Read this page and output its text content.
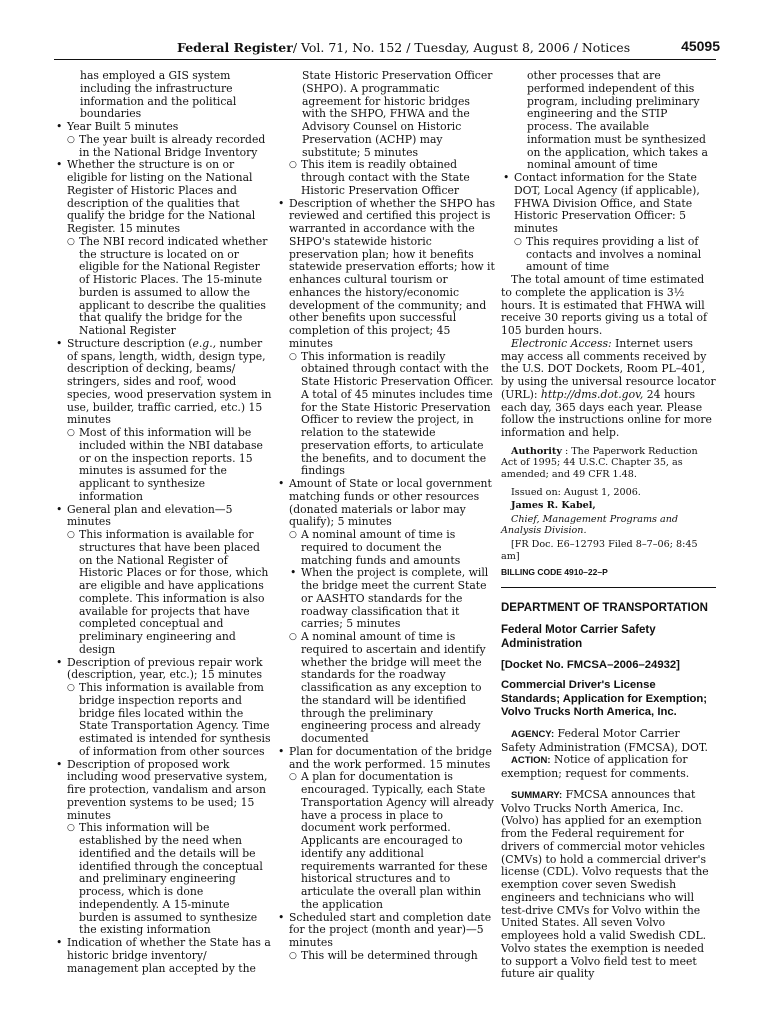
Federal Register/ Vol. 71, No. 152 / Tuesday, August 8, 2006 / Notices	45095
has employed a GIS system including the infrastructure information and the political boundaries
• Year Built 5 minutes
○ The year built is already recorded in the National Bridge Inventory
• Whether the structure is on or eligible for listing on the National Register of Historic Places and description of the qualities that qualify the bridge for the National Register. 15 minutes
○ The NBI record indicated whether the structure is located on or eligible for the National Register of Historic Places. The 15-minute burden is assumed to allow the applicant to describe the qualities that qualify the bridge for the National Register
• Structure description (e.g., number of spans, length, width, design type, description of decking, beams/ stringers, sides and roof, wood species, wood preservation system in use, builder, traffic carried, etc.) 15 minutes
○ Most of this information will be included within the NBI database or on the inspection reports. 15 minutes is assumed for the applicant to synthesize information
• General plan and elevation—5 minutes
○ This information is available for structures that have been placed on the National Register of Historic Places or for those, which are eligible and have applications complete. This information is also available for projects that have completed conceptual and preliminary engineering and design
• Description of previous repair work (description, year, etc.); 15 minutes
○ This information is available from bridge inspection reports and bridge files located within the State Transportation Agency. Time estimated is intended for synthesis of information from other sources
• Description of proposed work including wood preservative system, fire protection, vandalism and arson prevention systems to be used; 15 minutes
○ This information will be established by the need when identified and the details will be identified through the conceptual and preliminary engineering process, which is done independently. A 15-minute burden is assumed to synthesize the existing information
• Indication of whether the State has a historic bridge inventory/ management plan accepted by the
State Historic Preservation Officer (SHPO). A programmatic agreement for historic bridges with the SHPO, FHWA and the Advisory Counsel on Historic Preservation (ACHP) may substitute; 5 minutes
○ This item is readily obtained through contact with the State Historic Preservation Officer
• Description of whether the SHPO has reviewed and certified this project is warranted in accordance with the SHPO's statewide historic preservation plan; how it benefits statewide preservation efforts; how it enhances cultural tourism or enhances the history/economic development of the community; and other benefits upon successful completion of this project; 45 minutes
○ This information is readily obtained through contact with the State Historic Preservation Officer. A total of 45 minutes includes time for the State Historic Preservation Officer to review the project, in relation to the statewide preservation efforts, to articulate the benefits, and to document the findings
• Amount of State or local government matching funds or other resources (donated materials or labor may qualify); 5 minutes
○ A nominal amount of time is required to document the matching funds and amounts
• When the project is complete, will the bridge meet the current State or AASHTO standards for the roadway classification that it carries; 5 minutes
○ A nominal amount of time is required to ascertain and identify whether the bridge will meet the standards for the roadway classification as any exception to the standard will be identified through the preliminary engineering process and already documented
• Plan for documentation of the bridge and the work performed. 15 minutes
○ A plan for documentation is encouraged. Typically, each State Transportation Agency will already have a process in place to document work performed. Applicants are encouraged to identify any additional requirements warranted for these historical structures and to articulate the overall plan within the application
• Scheduled start and completion date for the project (month and year)—5 minutes
○ This will be determined through
other processes that are performed independent of this program, including preliminary engineering and the STIP process. The available information must be synthesized on the application, which takes a nominal amount of time
• Contact information for the State DOT, Local Agency (if applicable), FHWA Division Office, and State Historic Preservation Officer: 5 minutes
○ This requires providing a list of contacts and involves a nominal amount of time

The total amount of time estimated to complete the application is 3½ hours. It is estimated that FHWA will receive 30 reports giving us a total of 105 burden hours.

Electronic Access: Internet users may access all comments received by the U.S. DOT Dockets, Room PL–401, by using the universal resource locator (URL): http://dms.dot.gov, 24 hours each day, 365 days each year. Please follow the instructions online for more information and help.

Authority : The Paperwork Reduction Act of 1995; 44 U.S.C. Chapter 35, as amended; and 49 CFR 1.48.

Issued on: August 1, 2006.

James R. Kabel,

Chief, Management Programs and Analysis Division.

[FR Doc. E6–12793 Filed 8–7–06; 8:45 am]

BILLING CODE 4910–22–P
DEPARTMENT OF TRANSPORTATION
Federal Motor Carrier Safety Administration
[Docket No. FMCSA–2006–24932]
Commercial Driver's License Standards; Application for Exemption; Volvo Trucks North America, Inc.

AGENCY: Federal Motor Carrier Safety Administration (FMCSA), DOT.

ACTION: Notice of application for exemption; request for comments.

SUMMARY: FMCSA announces that Volvo Trucks North America, Inc. (Volvo) has applied for an exemption from the Federal requirement for drivers of commercial motor vehicles (CMVs) to hold a commercial driver's license (CDL). Volvo requests that the exemption cover seven Swedish engineers and technicians who will test-drive CMVs for Volvo within the United States. All seven Volvo employees hold a valid Swedish CDL. Volvo states the exemption is needed to support a Volvo field test to meet future air quality
